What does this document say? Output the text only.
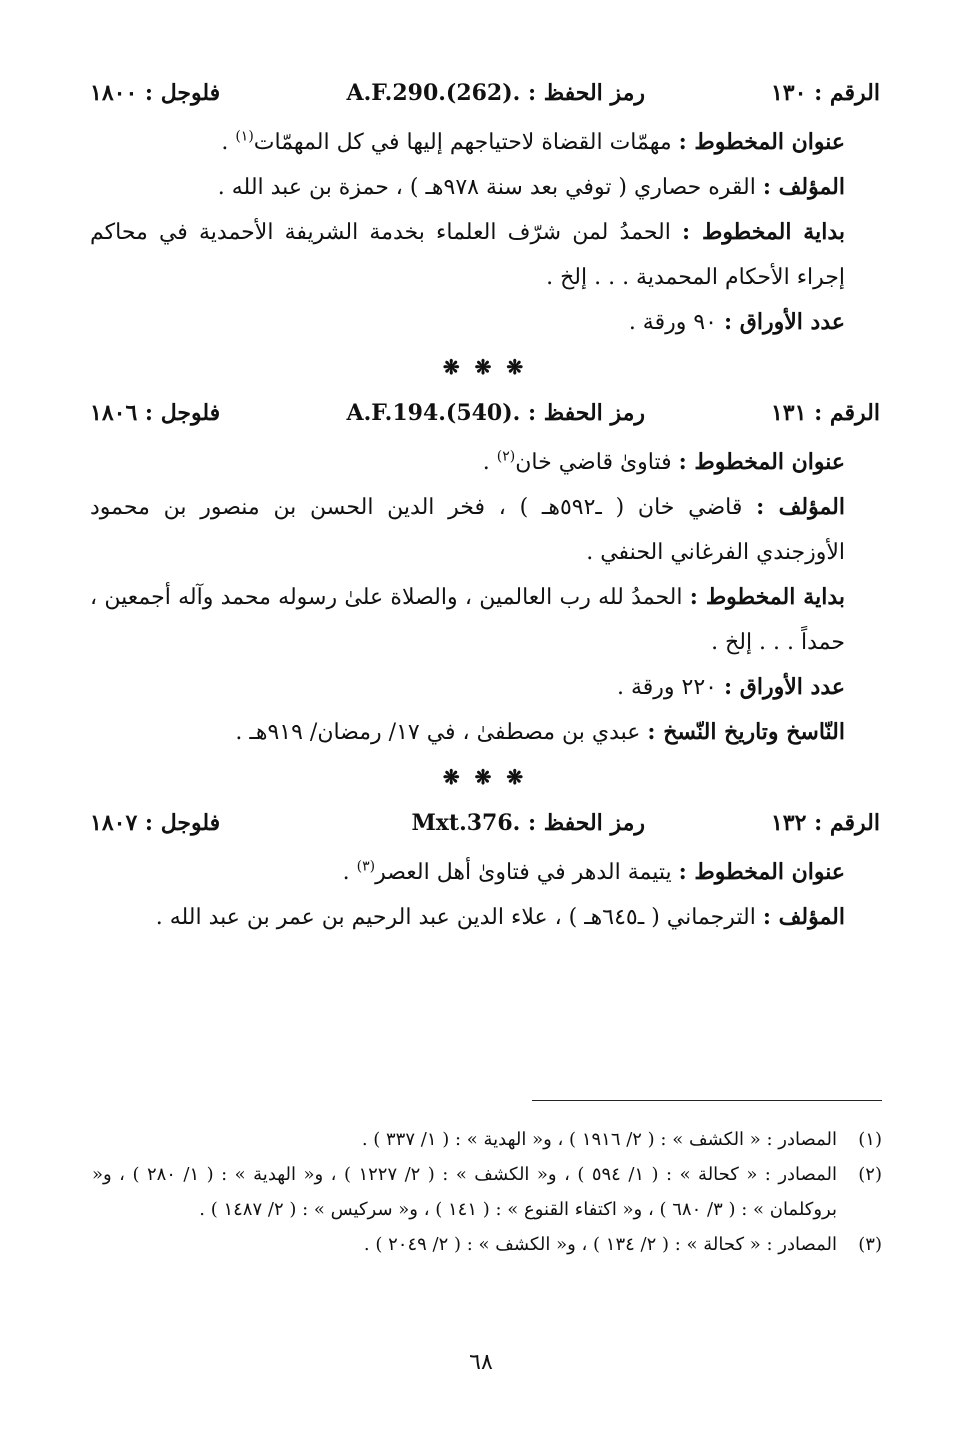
الرقم : ١٣٠
رمز الحفظ : A.F.290.(262).
فلوجل : ١٨٠٠
عنوان المخطوط : مهمّات القضاة لاحتياجهم إليها في كل المهمّات$^{(١)}$ .
المؤلف : القره حصاري ( توفي بعد سنة ٩٧٨هـ ) ، حمزة بن عبد الله .
بداية المخطوط : الحمدُ لمن شرّف العلماء بخدمة الشريفة الأحمدية في محاكم إجراء الأحكام المحمدية . . . إلخ .
عدد الأوراق : ٩٠ ورقة .
❋ ❋ ❋
الرقم : ١٣١
رمز الحفظ : A.F.194.(540).
فلوجل : ١٨٠٦
عنوان المخطوط : فتاوىٰ قاضي خان$^{(٢)}$ .
المؤلف : قاضي خان ( ـ٥٩٢هـ ) ، فخر الدين الحسن بن منصور بن محمود الأوزجندي الفرغاني الحنفي .
بداية المخطوط : الحمدُ لله رب العالمين ، والصلاة علىٰ رسوله محمد وآله أجمعين ، حمداً . . . إلخ .
عدد الأوراق : ٢٢٠ ورقة .
النّاسخ وتاريخ النّسخ : عبدي بن مصطفىٰ ، في ١٧/ رمضان/ ٩١٩هـ .
❋ ❋ ❋
الرقم : ١٣٢
رمز الحفظ : Mxt.376.
فلوجل : ١٨٠٧
عنوان المخطوط : يتيمة الدهر في فتاوىٰ أهل العصر$^{(٣)}$ .
المؤلف : الترجماني ( ـ٦٤٥هـ ) ، علاء الدين عبد الرحيم بن عمر بن عبد الله .
(١)
المصادر : « الكشف » : ( ٢/ ١٩١٦ ) ، و« الهدية » : ( ١/ ٣٣٧ ) .
(٢)
المصادر : « كحالة » : ( ١/ ٥٩٤ ) ، و« الكشف » : ( ٢/ ١٢٢٧ ) ، و« الهدية » : ( ١/ ٢٨٠ ) ، و« بروكلمان » : ( ٣/ ٦٨٠ ) ، و« اكتفاء القنوع » : ( ١٤١ ) ، و« سركيس » : ( ٢/ ١٤٨٧ ) .
(٣)
المصادر : « كحالة » : ( ٢/ ١٣٤ ) ، و« الكشف » : ( ٢/ ٢٠٤٩ ) .
٦٨
